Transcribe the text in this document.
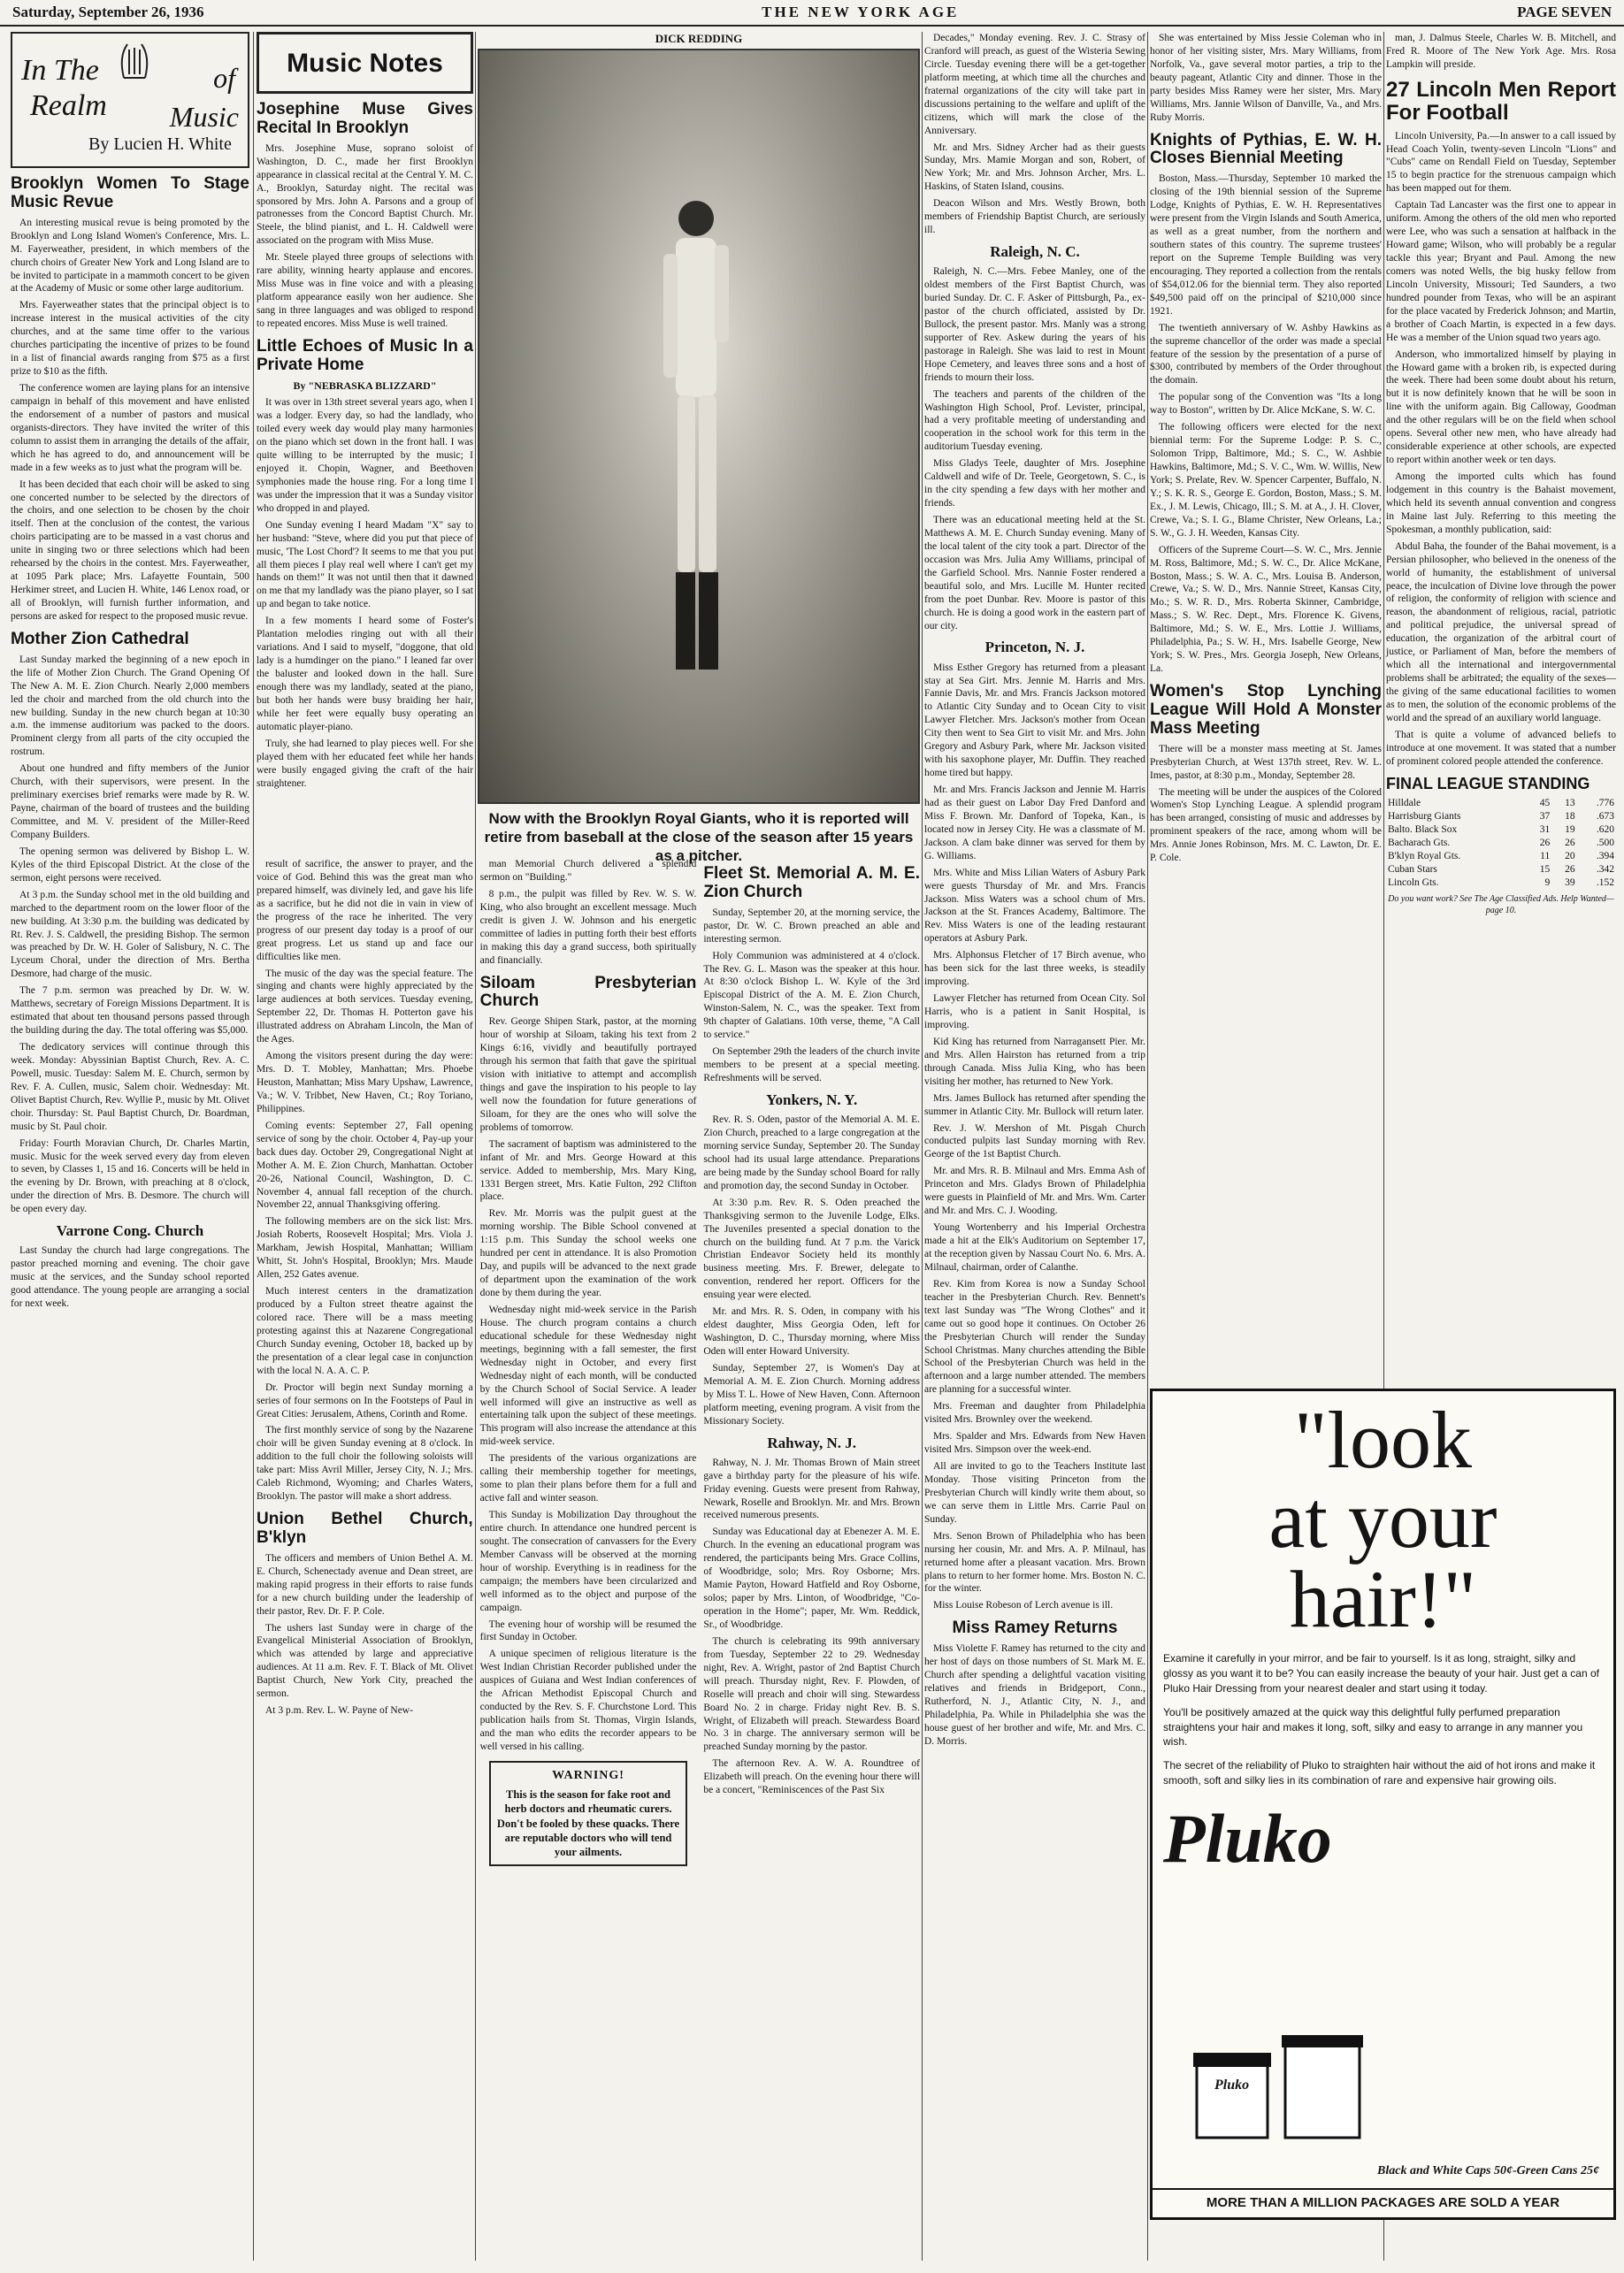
Saturday, September 26, 1936	THE NEW YORK AGE	PAGE SEVEN
In The
Realm
of
Music
By Lucien H. White
Brooklyn Women To Stage Music Revue

An interesting musical revue is being promoted by the Brooklyn and Long Island Women's Conference, Mrs. L. M. Fayerweather, president, in which members of the church choirs of Greater New York and Long Island are to be invited to participate in a mammoth concert to be given at the Academy of Music or some other large auditorium.

Mrs. Fayerweather states that the principal object is to increase interest in the musical activities of the city churches, and at the same time offer to the various churches participating the incentive of prizes to be found in a list of financial awards ranging from $75 as a first prize to $10 as the fifth.

The conference women are laying plans for an intensive campaign in behalf of this movement and have enlisted the endorsement of a number of pastors and musical organists-directors. They have invited the writer of this column to assist them in arranging the details of the affair, which he has agreed to do, and announcement will be made in a few weeks as to just what the program will be.

It has been decided that each choir will be asked to sing one concerted number to be selected by the directors of the choirs, and one selection to be chosen by the choir itself. Then at the conclusion of the contest, the various choirs participating are to be massed in a vast chorus and unite in singing two or three selections which had been rehearsed by the choirs in the contest. Mrs. Fayerweather, at 1095 Park place; Mrs. Lafayette Fountain, 500 Herkimer street, and Lucien H. White, 146 Lenox road, or all of Brooklyn, will furnish further information, and persons are asked for respect to the proposed music revue.

Mother Zion Cathedral

Last Sunday marked the beginning of a new epoch in the life of Mother Zion Church. The Grand Opening Of The New A. M. E. Zion Church. Nearly 2,000 members led the choir and marched from the old church into the new building. Sunday in the new church began at 10:30 a.m. the immense auditorium was packed to the doors. Prominent clergy from all parts of the city occupied the rostrum.

About one hundred and fifty members of the Junior Church, with their supervisors, were present. In the preliminary exercises brief remarks were made by R. W. Payne, chairman of the board of trustees and the building Committee, and M. V. president of the Miller-Reed Company Builders.

The opening sermon was delivered by Bishop L. W. Kyles of the third Episcopal District. At the close of the sermon, eight persons were received.

At 3 p.m. the Sunday school met in the old building and marched to the department room on the lower floor of the new building. At 3:30 p.m. the building was dedicated by Rt. Rev. J. S. Caldwell, the presiding Bishop. The sermon was preached by Dr. W. H. Goler of Salisbury, N. C. The Lyceum Choral, under the direction of Mrs. Bertha Desmore, had charge of the music.

The 7 p.m. sermon was preached by Dr. W. W. Matthews, secretary of Foreign Missions Department. It is estimated that about ten thousand persons passed through the building during the day. The total offering was $5,000.

The dedicatory services will continue through this week. Monday: Abyssinian Baptist Church, Rev. A. C. Powell, music. Tuesday: Salem M. E. Church, sermon by Rev. F. A. Cullen, music, Salem choir. Wednesday: Mt. Olivet Baptist Church, Rev. Wyllie P., music by Mt. Olivet choir. Thursday: St. Paul Baptist Church, Dr. Boardman, music by St. Paul choir.

Friday: Fourth Moravian Church, Dr. Charles Martin, music. Music for the week served every day from eleven to seven, by Classes 1, 15 and 16. Concerts will be held in the evening by Dr. Brown, with preaching at 8 o'clock, under the direction of Mrs. B. Desmore. The church will be open every day.

Varrone Cong. Church

Last Sunday the church had large congregations. The pastor preached morning and evening. The choir gave music at the services, and the Sunday school reported good attendance. The young people are arranging a social for next week.

Music Notes
Josephine Muse Gives Recital In Brooklyn

Mrs. Josephine Muse, soprano soloist of Washington, D. C., made her first Brooklyn appearance in classical recital at the Central Y. M. C. A., Brooklyn, Saturday night. The recital was sponsored by Mrs. John A. Parsons and a group of patronesses from the Concord Baptist Church. Mr. Steele, the blind pianist, and L. H. Caldwell were associated on the program with Miss Muse.

Mr. Steele played three groups of selections with rare ability, winning hearty applause and encores. Miss Muse was in fine voice and with a pleasing platform appearance easily won her audience. She sang in three languages and was obliged to respond to repeated encores. Miss Muse is well trained.

Little Echoes of Music In a Private Home
By "NEBRASKA BLIZZARD"

It was over in 13th street several years ago, when I was a lodger. Every day, so had the landlady, who toiled every week day would play many harmonies on the piano which set down in the front hall. I was quite willing to be interrupted by the music; I enjoyed it. Chopin, Wagner, and Beethoven symphonies made the house ring. For a long time I was under the impression that it was a Sunday visitor who dropped in and played.

One Sunday evening I heard Madam "X" say to her husband: "Steve, where did you put that piece of music, 'The Lost Chord'? It seems to me that you put all them pieces I play real well where I can't get my hands on them!" It was not until then that it dawned on me that my landlady was the piano player, so I sat up and began to take notice.

In a few moments I heard some of Foster's Plantation melodies ringing out with all their variations. And I said to myself, "doggone, that old lady is a humdinger on the piano." I leaned far over the baluster and looked down in the hall. Sure enough there was my landlady, seated at the piano, but both her hands were busy braiding her hair, while her feet were equally busy operating an automatic player-piano.

Truly, she had learned to play pieces well. For she played them with her educated feet while her hands were busily engaged giving the craft of the hair straightener.

DICK REDDING
Now with the Brooklyn Royal Giants, who it is reported will retire from baseball at the close of the season after 15 years as a pitcher.

result of sacrifice, the answer to prayer, and the voice of God. Behind this was the great man who prepared himself, was divinely led, and gave his life as a sacrifice, but he did not die in vain in view of the progress of the race he inherited. The very progress of our present day today is a proof of our great progress. Let us stand up and face our difficulties like men.

The music of the day was the special feature. The singing and chants were highly appreciated by the large audiences at both services. Tuesday evening, September 22, Dr. Thomas H. Potterton gave his illustrated address on Abraham Lincoln, the Man of the Ages.

Among the visitors present during the day were: Mrs. D. T. Mobley, Manhattan; Mrs. Phoebe Heuston, Manhattan; Miss Mary Upshaw, Lawrence, Va.; W. V. Tribbet, New Haven, Ct.; Roy Toriano, Philippines.

Coming events: September 27, Fall opening service of song by the choir. October 4, Pay-up your back dues day. October 29, Congregational Night at Mother A. M. E. Zion Church, Manhattan. October 20-26, National Council, Washington, D. C. November 4, annual fall reception of the church. November 22, annual Thanksgiving offering.

The following members are on the sick list: Mrs. Josiah Roberts, Roosevelt Hospital; Mrs. Viola J. Markham, Jewish Hospital, Manhattan; William Whitt, St. John's Hospital, Brooklyn; Mrs. Maude Allen, 252 Gates avenue.

Much interest centers in the dramatization produced by a Fulton street theatre against the colored race. There will be a mass meeting protesting against this at Nazarene Congregational Church Sunday evening, October 18, backed up by the presentation of a clear legal case in conjunction with the local N. A. A. C. P.

Dr. Proctor will begin next Sunday morning a series of four sermons on In the Footsteps of Paul in Great Cities: Jerusalem, Athens, Corinth and Rome.

The first monthly service of song by the Nazarene choir will be given Sunday evening at 8 o'clock. In addition to the full choir the following soloists will take part: Miss Avril Miller, Jersey City, N. J.; Mrs. Caleb Richmond, Wyoming; and Charles Waters, Brooklyn. The pastor will make a short address.

Union Bethel Church, B'klyn

The officers and members of Union Bethel A. M. E. Church, Schenectady avenue and Dean street, are making rapid progress in their efforts to raise funds for a new church building under the leadership of their pastor, Rev. Dr. F. P. Cole.

The ushers last Sunday were in charge of the Evangelical Ministerial Association of Brooklyn, which was attended by large and appreciative audiences. At 11 a.m. Rev. F. T. Black of Mt. Olivet Baptist Church, New York City, preached the sermon.

At 3 p.m. Rev. L. W. Payne of New-

man Memorial Church delivered a splendid sermon on "Building."

8 p.m., the pulpit was filled by Rev. W. S. W. King, who also brought an excellent message. Much credit is given J. W. Johnson and his energetic committee of ladies in putting forth their best efforts in making this day a grand success, both spiritually and financially.

Siloam Presbyterian Church

Rev. George Shipen Stark, pastor, at the morning hour of worship at Siloam, taking his text from 2 Kings 6:16, vividly and beautifully portrayed through his sermon that faith that gave the spiritual vision with initiative to attempt and accomplish things and gave the inspiration to his people to lay well now the foundation for future generations of Siloam, for they are the ones who will solve the problems of tomorrow.

The sacrament of baptism was administered to the infant of Mr. and Mrs. George Howard at this service. Added to membership, Mrs. Mary King, 1331 Bergen street, Mrs. Katie Fulton, 292 Clifton place.

Rev. Mr. Morris was the pulpit guest at the morning worship. The Bible School convened at 1:15 p.m. This Sunday the school weeks one hundred per cent in attendance. It is also Promotion Day, and pupils will be advanced to the next grade of department upon the examination of the work done by them during the year.

Wednesday night mid-week service in the Parish House. The church program contains a church educational schedule for these Wednesday night meetings, beginning with a fall semester, the first Wednesday night in October, and every first Wednesday night of each month, will be conducted by the Church School of Social Service. A leader well informed will give an instructive as well as entertaining talk upon the subject of these meetings. This program will also increase the attendance at this mid-week service.

The presidents of the various organizations are calling their membership together for meetings, some to plan their plans before them for a full and active fall and winter season.

This Sunday is Mobilization Day throughout the entire church. In attendance one hundred percent is sought. The consecration of canvassers for the Every Member Canvass will be observed at the morning hour of worship. Everything is in readiness for the campaign; the members have been circularized and well informed as to the object and purpose of the campaign.

The evening hour of worship will be resumed the first Sunday in October.

A unique specimen of religious literature is the West Indian Christian Recorder published under the auspices of Guiana and West Indian conferences of the African Methodist Episcopal Church and conducted by the Rev. S. F. Churchstone Lord. This publication hails from St. Thomas, Virgin Islands, and the man who edits the recorder appears to be well versed in his calling.

WARNING!
This is the season for fake root and herb doctors and rheumatic curers. Don't be fooled by these quacks. There are reputable doctors who will tend your ailments.
Fleet St. Memorial A. M. E. Zion Church

Sunday, September 20, at the morning service, the pastor, Dr. W. C. Brown preached an able and interesting sermon.

Holy Communion was administered at 4 o'clock. The Rev. G. L. Mason was the speaker at this hour. At 8:30 o'clock Bishop L. W. Kyle of the 3rd Episcopal District of the A. M. E. Zion Church, Winston-Salem, N. C., was the speaker. Text from 9th chapter of Galatians. 10th verse, theme, "A Call to service."

On September 29th the leaders of the church invite members to be present at a special meeting. Refreshments will be served.

Yonkers, N. Y.

Rev. R. S. Oden, pastor of the Memorial A. M. E. Zion Church, preached to a large congregation at the morning service Sunday, September 20. The Sunday school had its usual large attendance. Preparations are being made by the Sunday school Board for rally and promotion day, the second Sunday in October.

At 3:30 p.m. Rev. R. S. Oden preached the Thanksgiving sermon to the Juvenile Lodge, Elks. The Juveniles presented a special donation to the church on the building fund. At 7 p.m. the Varick Christian Endeavor Society held its monthly business meeting. Mrs. F. Brewer, delegate to convention, rendered her report. Officers for the ensuing year were elected.

Mr. and Mrs. R. S. Oden, in company with his eldest daughter, Miss Georgia Oden, left for Washington, D. C., Thursday morning, where Miss Oden will enter Howard University.

Sunday, September 27, is Women's Day at Memorial A. M. E. Zion Church. Morning address by Miss T. L. Howe of New Haven, Conn. Afternoon platform meeting, evening program. A visit from the Missionary Society.

Rahway, N. J.

Rahway, N. J. Mr. Thomas Brown of Main street gave a birthday party for the pleasure of his wife. Friday evening. Guests were present from Rahway, Newark, Roselle and Brooklyn. Mr. and Mrs. Brown received numerous presents.

Sunday was Educational day at Ebenezer A. M. E. Church. In the evening an educational program was rendered, the participants being Mrs. Grace Collins, of Woodbridge, solo; Mrs. Roy Osborne; Mrs. Mamie Payton, Howard Hatfield and Roy Osborne, solos; paper by Mrs. Linton, of Woodbridge, "Co-operation in the Home"; paper, Mr. Wm. Reddick, Sr., of Woodbridge.

The church is celebrating its 99th anniversary from Tuesday, September 22 to 29. Wednesday night, Rev. A. Wright, pastor of 2nd Baptist Church will preach. Thursday night, Rev. F. Plowden, of Roselle will preach and choir will sing. Stewardess Board No. 2 in charge. Friday night Rev. B. S. Wright, of Elizabeth will preach. Stewardess Board No. 3 in charge. The anniversary sermon will be preached Sunday morning by the pastor.

The afternoon Rev. A. W. A. Roundtree of Elizabeth will preach. On the evening hour there will be a concert, "Reminiscences of the Past Six

Decades," Monday evening. Rev. J. C. Strasy of Cranford will preach, as guest of the Wisteria Sewing Circle. Tuesday evening there will be a get-together platform meeting, at which time all the churches and fraternal organizations of the city will take part in discussions pertaining to the welfare and uplift of the citizens, which will mark the close of the Anniversary.

Mr. and Mrs. Sidney Archer had as their guests Sunday, Mrs. Mamie Morgan and son, Robert, of New York; Mr. and Mrs. Johnson Archer, Mrs. L. Haskins, of Staten Island, cousins.

Deacon Wilson and Mrs. Westly Brown, both members of Friendship Baptist Church, are seriously ill.

Raleigh, N. C.

Raleigh, N. C.—Mrs. Febee Manley, one of the oldest members of the First Baptist Church, was buried Sunday. Dr. C. F. Asker of Pittsburgh, Pa., ex-pastor of the church officiated, assisted by Dr. Bullock, the present pastor. Mrs. Manly was a strong supporter of Rev. Askew during the years of his pastorage in Raleigh. She was laid to rest in Mount Hope Cemetery, and leaves three sons and a host of friends to mourn their loss.

The teachers and parents of the children of the Washington High School, Prof. Levister, principal, had a very profitable meeting of understanding and cooperation in the school work for this term in the auditorium Tuesday evening.

Miss Gladys Teele, daughter of Mrs. Josephine Caldwell and wife of Dr. Teele, Georgetown, S. C., is in the city spending a few days with her mother and friends.

There was an educational meeting held at the St. Matthews A. M. E. Church Sunday evening. Many of the local talent of the city took a part. Director of the occasion was Mrs. Julia Amy Williams, principal of the Garfield School. Mrs. Nannie Foster rendered a beautiful solo, and Mrs. Lucille M. Hunter recited from the poet Dunbar. Rev. Moore is pastor of this church. He is doing a good work in the eastern part of our city.

Princeton, N. J.

Miss Esther Gregory has returned from a pleasant stay at Sea Girt. Mrs. Jennie M. Harris and Mrs. Fannie Davis, Mr. and Mrs. Francis Jackson motored to Atlantic City Sunday and to Ocean City to visit Lawyer Fletcher. Mrs. Jackson's mother from Ocean City then went to Sea Girt to visit Mr. and Mrs. John Gregory and Asbury Park, where Mr. Jackson visited with his saxophone player, Mr. Duffin. They reached home tired but happy.

Mr. and Mrs. Francis Jackson and Jennie M. Harris had as their guest on Labor Day Fred Danford and Miss F. Brown. Mr. Danford of Topeka, Kan., is located now in Jersey City. He was a classmate of M. Jackson. A clam bake dinner was served for them by G. Williams.

Mrs. White and Miss Lilian Waters of Asbury Park were guests Thursday of Mr. and Mrs. Francis Jackson. Miss Waters was a school chum of Mrs. Jackson at the St. Frances Academy, Baltimore. The Rev. Miss Waters is one of the leading restaurant operators at Asbury Park.

Mrs. Alphonsus Fletcher of 17 Birch avenue, who has been sick for the last three weeks, is steadily improving.

Lawyer Fletcher has returned from Ocean City. Sol Harris, who is a patient in Sanit Hospital, is improving.

Kid King has returned from Narragansett Pier. Mr. and Mrs. Allen Hairston has returned from a trip through Canada. Miss Julia King, who has been visiting her mother, has returned to New York.

Mrs. James Bullock has returned after spending the summer in Atlantic City. Mr. Bullock will return later.

Rev. J. W. Mershon of Mt. Pisgah Church conducted pulpits last Sunday morning with Rev. George of the 1st Baptist Church.

Mr. and Mrs. R. B. Milnaul and Mrs. Emma Ash of Princeton and Mrs. Gladys Brown of Philadelphia were guests in Plainfield of Mr. and Mrs. Wm. Carter and Mr. and Mrs. C. J. Wooding.

Young Wortenberry and his Imperial Orchestra made a hit at the Elk's Auditorium on September 17, at the reception given by Nassau Court No. 6. Mrs. A. Milnaul, chairman, order of Calanthe.

Rev. Kim from Korea is now a Sunday School teacher in the Presbyterian Church. Rev. Bennett's text last Sunday was "The Wrong Clothes" and it came out so good hope it continues. On October 26 the Presbyterian Church will render the Sunday School Christmas. Many churches attending the Bible School of the Presbyterian Church was held in the afternoon and a large number attended. The members are planning for a successful winter.

Mrs. Freeman and daughter from Philadelphia visited Mrs. Brownley over the weekend.

Mrs. Spalder and Mrs. Edwards from New Haven visited Mrs. Simpson over the week-end.

All are invited to go to the Teachers Institute last Monday. Those visiting Princeton from the Presbyterian Church will kindly write them about, so we can serve them in Little Mrs. Carrie Paul on Sunday.

Mrs. Senon Brown of Philadelphia who has been nursing her cousin, Mr. and Mrs. A. P. Milnaul, has returned home after a pleasant vacation. Mrs. Brown plans to return to her former home. Mrs. Boston N. C. for the winter.

Miss Louise Robeson of Lerch avenue is ill.

Miss Ramey Returns

Miss Violette F. Ramey has returned to the city and her host of days on those numbers of St. Mark M. E. Church after spending a delightful vacation visiting relatives and friends in Bridgeport, Conn., Rutherford, N. J., Atlantic City, N. J., and Philadelphia, Pa. While in Philadelphia she was the house guest of her brother and wife, Mr. and Mrs. C. D. Morris.

She was entertained by Miss Jessie Coleman who in honor of her visiting sister, Mrs. Mary Williams, from Norfolk, Va., gave several motor parties, a trip to the beauty pageant, Atlantic City and dinner. Those in the party besides Miss Ramey were her sister, Mrs. Mary Williams, Mrs. Jannie Wilson of Danville, Va., and Mrs. Ruby Morris.

Knights of Pythias, E. W. H. Closes Biennial Meeting

Boston, Mass.—Thursday, September 10 marked the closing of the 19th biennial session of the Supreme Lodge, Knights of Pythias, E. W. H. Representatives were present from the Virgin Islands and South America, as well as a great number, from the northern and southern states of this country. The supreme trustees' report on the Supreme Temple Building was very encouraging. They reported a collection from the rentals of $54,012.06 for the biennial term. They also reported $49,500 paid off on the principal of $210,000 since 1921.

The twentieth anniversary of W. Ashby Hawkins as the supreme chancellor of the order was made a special feature of the session by the presentation of a purse of $300, contributed by members of the Order throughout the domain.

The popular song of the Convention was "Its a long way to Boston", written by Dr. Alice McKane, S. W. C.

The following officers were elected for the next biennial term: For the Supreme Lodge: P. S. C., Solomon Tripp, Baltimore, Md.; S. C., W. Ashbie Hawkins, Baltimore, Md.; S. V. C., Wm. W. Willis, New York; S. Prelate, Rev. W. Spencer Carpenter, Buffalo, N. Y.; S. K. R. S., George E. Gordon, Boston, Mass.; S. M. Ex., J. M. Lewis, Chicago, Ill.; S. M. at A., J. H. Clover, Crewe, Va.; S. I. G., Blame Christer, New Orleans, La.; S. W., G. J. H. Weeden, Kansas City.

Officers of the Supreme Court—S. W. C., Mrs. Jennie M. Ross, Baltimore, Md.; S. W. C., Dr. Alice McKane, Boston, Mass.; S. W. A. C., Mrs. Louisa B. Anderson, Crewe, Va.; S. W. D., Mrs. Nannie Street, Kansas City, Mo.; S. W. R. D., Mrs. Roberta Skinner, Cambridge, Mass.; S. W. Rec. Dept., Mrs. Florence K. Givens, Baltimore, Md.; S. W. E., Mrs. Lottie J. Williams, Philadelphia, Pa.; S. W. H., Mrs. Isabelle George, New York; S. W. Pres., Mrs. Georgia Joseph, New Orleans, La.

Women's Stop Lynching League Will Hold A Monster Mass Meeting

There will be a monster mass meeting at St. James Presbyterian Church, at West 137th street, Rev. W. L. Imes, pastor, at 8:30 p.m., Monday, September 28.

The meeting will be under the auspices of the Colored Women's Stop Lynching League. A splendid program has been arranged, consisting of music and addresses by prominent speakers of the race, among whom will be Mrs. Annie Jones Robinson, Mrs. M. C. Lawton, Dr. E. P. Cole.

man, J. Dalmus Steele, Charles W. B. Mitchell, and Fred R. Moore of The New York Age. Mrs. Rosa Lampkin will preside.

27 Lincoln Men Report For Football

Lincoln University, Pa.—In answer to a call issued by Head Coach Yolin, twenty-seven Lincoln "Lions" and "Cubs" came on Rendall Field on Tuesday, September 15 to begin practice for the strenuous campaign which has been mapped out for them.

Captain Tad Lancaster was the first one to appear in uniform. Among the others of the old men who reported were Lee, who was such a sensation at halfback in the Howard game; Wilson, who will probably be a regular tackle this year; Bryant and Paul. Among the new comers was noted Wells, the big husky fellow from Lincoln University, Missouri; Ted Saunders, a two hundred pounder from Texas, who will be an aspirant for the place vacated by Frederick Johnson; and Martin, a brother of Coach Martin, is expected in a few days. He was a member of the Union squad two years ago.

Anderson, who immortalized himself by playing in the Howard game with a broken rib, is expected during the week. There had been some doubt about his return, but it is now definitely known that he will be soon in line with the uniform again. Big Calloway, Goodman and the other regulars will be on the field when school opens. Several other new men, who have already had considerable experience at other schools, are expected to report within another week or ten days.

Among the imported cults which has found lodgement in this country is the Bahaist movement, which held its seventh annual convention and congress in Maine last July. Referring to this meeting the Spokesman, a monthly publication, said:

Abdul Baha, the founder of the Bahai movement, is a Persian philosopher, who believed in the oneness of the world of humanity, the establishment of universal peace, the inculcation of Divine love through the power of religion, the conformity of religion with science and reason, the abandonment of religious, racial, patriotic and political prejudice, the universal spread of education, the organization of the arbitral court of justice, or Parliament of Man, before the members of which all the international and intergovernmental problems shall be arbitrated; the equality of the sexes—the giving of the same educational facilities to women as to men, the solution of the economic problems of the world and the spread of an auxiliary world language.

That is quite a volume of advanced beliefs to introduce at one movement. It was stated that a number of prominent colored people attended the conference.

FINAL LEAGUE STANDING
Hilldale	45	13	.776
Harrisburg Giants	37	18	.673
Balto. Black Sox	31	19	.620
Bacharach Gts.	26	26	.500
B'klyn Royal Gts.	11	20	.394
Cuban Stars	15	26	.342
Lincoln Gts.	9	39	.152
Do you want work? See The Age Classified Ads. Help Wanted—page 10.
"look
at your
hair!"

Examine it carefully in your mirror, and be fair to yourself. Is it as long, straight, silky and glossy as you want it to be? You can easily increase the beauty of your hair. Just get a can of Pluko Hair Dressing from your nearest dealer and start using it today.

You'll be positively amazed at the quick way this delightful fully perfumed preparation straightens your hair and makes it long, soft, silky and easy to arrange in any manner you wish.

The secret of the reliability of Pluko to straighten hair without the aid of hot irons and make it smooth, soft and silky lies in its combination of rare and expensive hair growing oils.

Pluko
Pluko
Black and White Caps 50¢-Green Cans 25¢
MORE THAN A MILLION PACKAGES ARE SOLD A YEAR
